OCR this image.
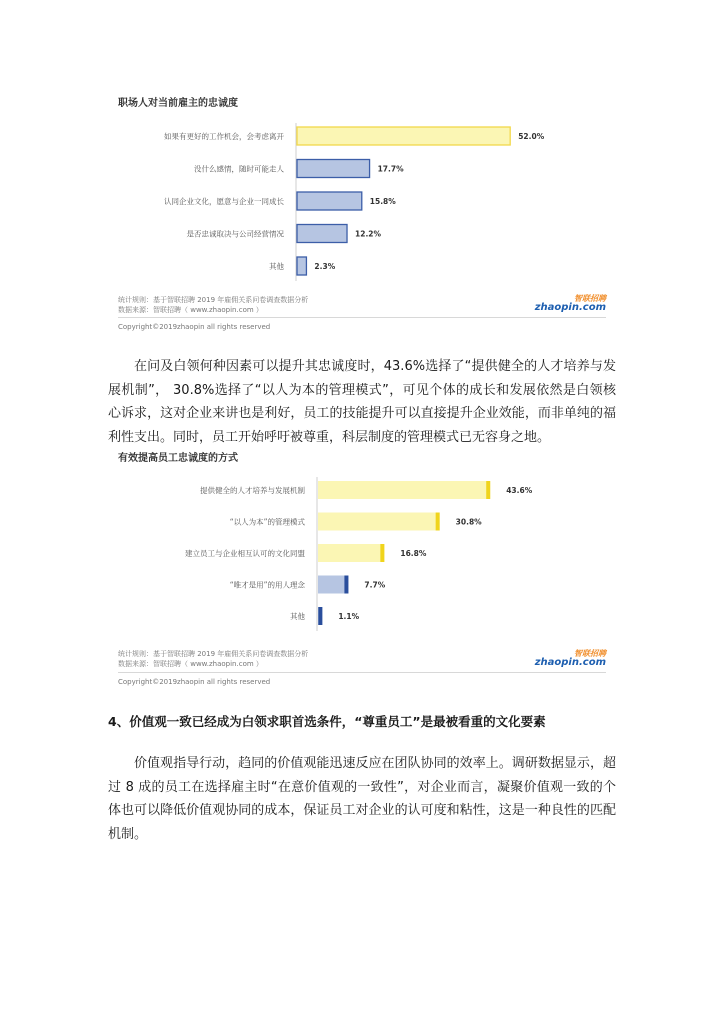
职场人对当前雇主的忠诚度
如果有更好的工作机会，会考虑离开	52.0%
没什么感情，随时可能走人	17.7%
认同企业文化，愿意与企业一同成长	15.8%
是否忠诚取决与公司经营情况	12.2%
其他	2.3%
统计规则：基于智联招聘 2019 年雇佣关系问卷调查数据分析
数据来源：智联招聘（ www.zhaopin.com ）
智联招聘
zhaopin.com
Copyright©2019zhaopin all rights reserved
在问及白领何种因素可以提升其忠诚度时，43.6%选择了“提供健全的人才培养与发
展机制”， 30.8%选择了“以人为本的管理模式”，可见个体的成长和发展依然是白领核
心诉求，这对企业来讲也是利好，员工的技能提升可以直接提升企业效能，而非单纯的福
利性支出。同时，员工开始呼吁被尊重，科层制度的管理模式已无容身之地。
有效提高员工忠诚度的方式
提供健全的人才培养与发展机制	43.6%
“以人为本”的管理模式	30.8%
建立员工与企业相互认可的文化同盟	16.8%
“唯才是用”的用人理念	7.7%
其他	1.1%
统计规则：基于智联招聘 2019 年雇佣关系问卷调查数据分析
数据来源：智联招聘（ www.zhaopin.com ）
智联招聘
zhaopin.com
Copyright©2019zhaopin all rights reserved
4、价值观一致已经成为白领求职首选条件，“尊重员工”是最被看重的文化要素
价值观指导行动，趋同的价值观能迅速反应在团队协同的效率上。调研数据显示，超
过 8 成的员工在选择雇主时“在意价值观的一致性”，对企业而言，凝聚价值观一致的个
体也可以降低价值观协同的成本，保证员工对企业的认可度和粘性，这是一种良性的匹配
机制。
